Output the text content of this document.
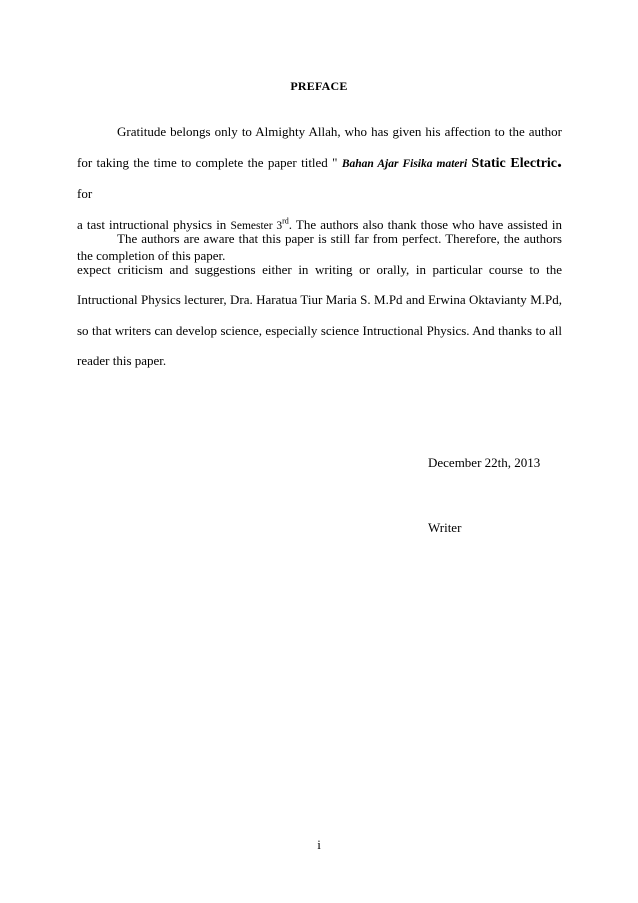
PREFACE
Gratitude belongs only to Almighty Allah, who has given his affection to the author
for taking the time to complete the paper titled " Bahan Ajar Fisika materi Static Electric. for
a tast intructional physics in Semester 3rd. The authors also thank those who have assisted in
the completion of this paper.
The authors are aware that this paper is still far from perfect. Therefore, the authors
expect criticism and suggestions either in writing or orally, in particular course to the
Intructional Physics lecturer, Dra. Haratua Tiur Maria S. M.Pd and Erwina Oktavianty M.Pd,
so that writers can develop science, especially science Intructional Physics. And thanks to all
reader this paper.
December 22th, 2013
Writer
i
